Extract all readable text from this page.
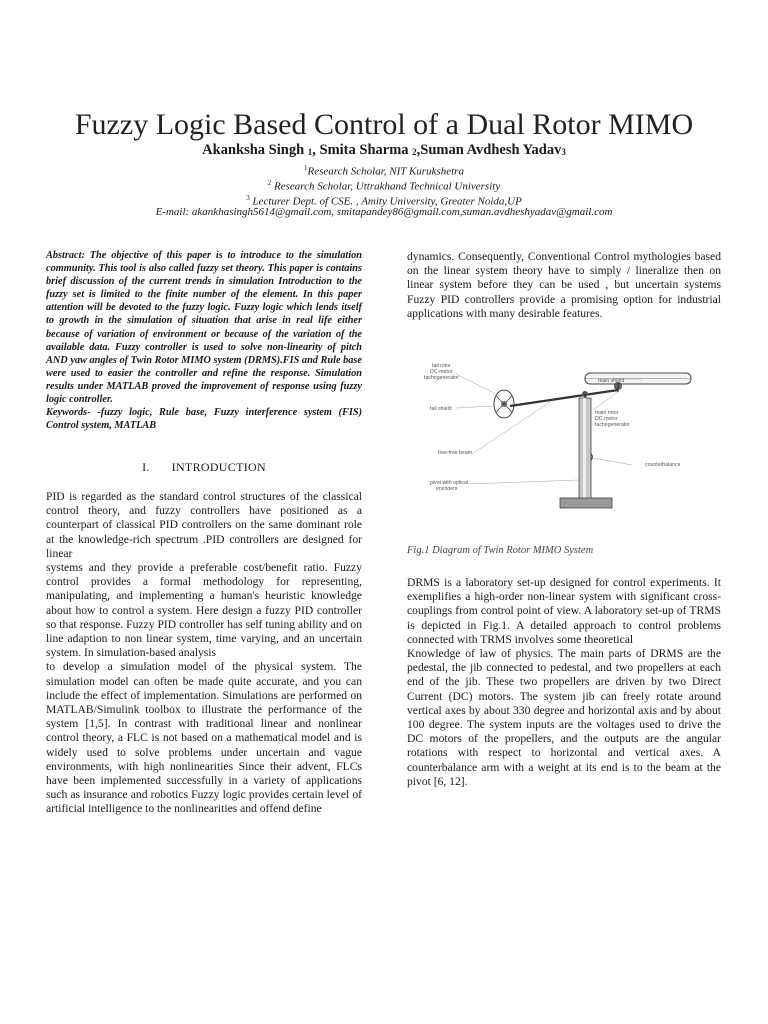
Fuzzy Logic Based Control of a Dual Rotor MIMO
Akanksha Singh $_1$, Smita Sharma $_2$,Suman Avdhesh Yadav$_3$
$^1$Research Scholar, NIT Kurukshetra
$^2$ Research Scholar, Uttrakhand Technical University
$^3$ Lecturer Dept. of CSE. , Amity University, Greater Noida,UP
E-mail: akankhasingh5614@gmail.com, smitapandey86@gmail.com,suman.avdheshyadav@gmail.com

Abstract: The objective of this paper is to introduce to the simulation community. This tool is also called fuzzy set theory. This paper is contains brief discussion of the current trends in simulation Introduction to the fuzzy set is limited to the finite number of the element. In this paper attention will be devoted to the fuzzy logic. Fuzzy logic which lends itself to growth in the simulation of situation that arise in real life either because of variation of environment or because of the variation of the available data. Fuzzy controller is used to solve non-linearity of pitch AND yaw angles of Twin Rotor MIMO system (DRMS).FIS and Rule base were used to easier the controller and refine the response. Simulation results under MATLAB proved the improvement of response using fuzzy logic controller.

Keywords- -fuzzy logic, Rule base, Fuzzy interference system (FIS) Control system, MATLAB

I. INTRODUCTION

PID is regarded as the standard control structures of the classical control theory, and fuzzy controllers have positioned as a counterpart of classical PID controllers on the same dominant role at the knowledge-rich spectrum .PID controllers are designed for linear

systems and they provide a preferable cost/benefit ratio. Fuzzy control provides a formal methodology for representing, manipulating, and implementing a human's heuristic knowledge about how to control a system. Here design a fuzzy PID controller so that response. Fuzzy PID controller has self tuning ability and on line adaption to non linear system, time varying, and an uncertain system. In simulation-based analysis

to develop a simulation model of the physical system. The simulation model can often be made quite accurate, and you can include the effect of implementation. Simulations are performed on MATLAB/Simulink toolbox to illustrate the performance of the system [1,5]. In contrast with traditional linear and nonlinear control theory, a FLC is not based on a mathematical model and is widely used to solve problems under uncertain and vague environments, with high nonlinearities Since their advent, FLCs have been implemented successfully in a variety of applications such as insurance and robotics Fuzzy logic provides certain level of artificial intelligence to the nonlinearities and offend define

dynamics. Consequently, Conventional Control mythologies based on the linear system theory have to simply / lineralize then on linear system before they can be used , but uncertain systems Fuzzy PID controllers provide a promising option for industrial applications with many desirable features.

tail rotor
DC-motor
tachogenerator	main shield
tail shield
main rotor
DC-motor
tachogenerator
free-free beam
counterbalance
pivot with optical
encoders
Fig.1 Diagram of Twin Rotor MIMO System

DRMS is a laboratory set-up designed for control experiments. It exemplifies a high-order non-linear system with significant cross-couplings from control point of view. A laboratory set-up of TRMS is depicted in Fig.1. A detailed approach to control problems connected with TRMS involves some theoretical

Knowledge of law of physics. The main parts of DRMS are the pedestal, the jib connected to pedestal, and two propellers at each end of the jib. These two propellers are driven by two Direct Current (DC) motors. The system jib can freely rotate around vertical axes by about 330 degree and horizontal axis and by about 100 degree. The system inputs are the voltages used to drive the DC motors of the propellers, and the outputs are the angular rotations with respect to horizontal and vertical axes. A counterbalance arm with a weight at its end is to the beam at the pivot [6, 12].
